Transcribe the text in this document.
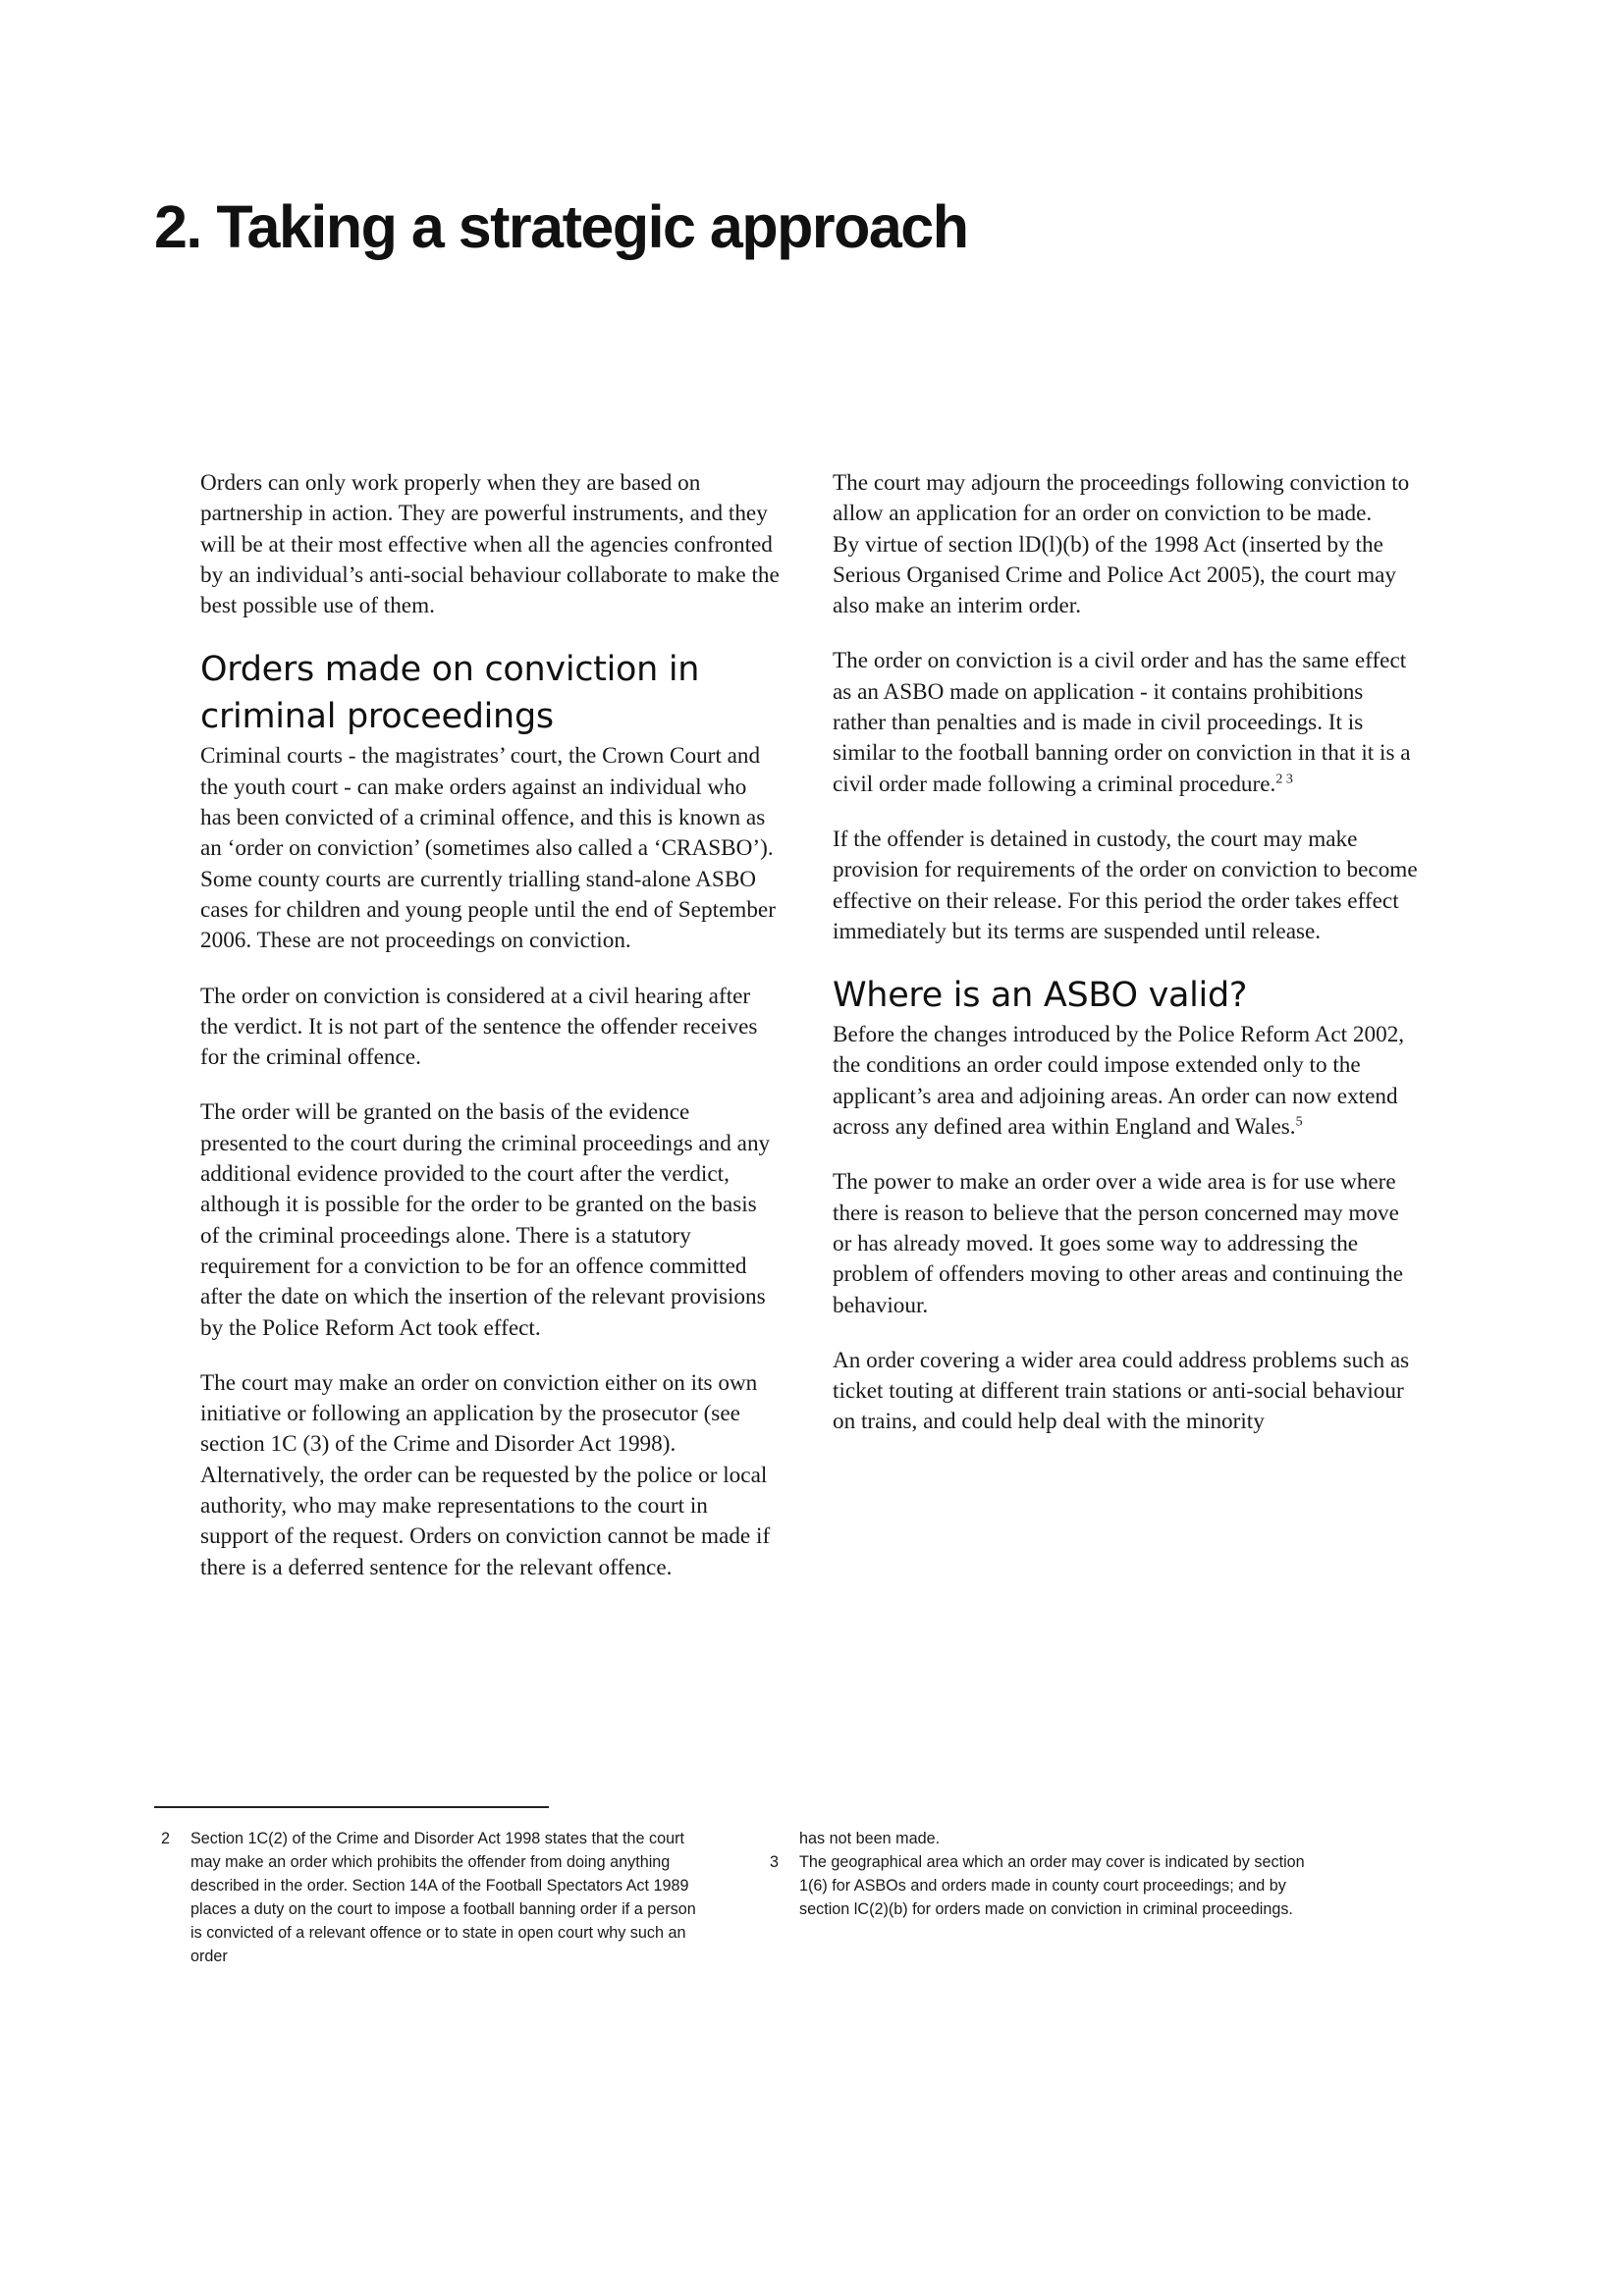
2. Taking a strategic approach

Orders can only work properly when they are based on partnership in action. They are powerful instruments, and they will be at their most effective when all the agencies confronted by an individual’s anti-social behaviour collaborate to make the best possible use of them.

Orders made on conviction in
criminal proceedings

Criminal courts - the magistrates’ court, the Crown Court and the youth court - can make orders against an individual who has been convicted of a criminal offence, and this is known as an ‘order on conviction’ (sometimes also called a ‘CRASBO’). Some county courts are currently trialling stand-alone ASBO cases for children and young people until the end of September 2006. These are not proceedings on conviction.

The order on conviction is considered at a civil hearing after the verdict. It is not part of the sentence the offender receives for the criminal offence.

The order will be granted on the basis of the evidence presented to the court during the criminal proceedings and any additional evidence provided to the court after the verdict, although it is possible for the order to be granted on the basis of the criminal proceedings alone. There is a statutory requirement for a conviction to be for an offence committed after the date on which the insertion of the relevant provisions by the Police Reform Act took effect.

The court may make an order on conviction either on its own initiative or following an application by the prosecutor (see section 1C (3) of the Crime and Disorder Act 1998). Alternatively, the order can be requested by the police or local authority, who may make representations to the court in support of the request. Orders on conviction cannot be made if there is a deferred sentence for the relevant offence.

The court may adjourn the proceedings following conviction to allow an application for an order on conviction to be made.
By virtue of section lD(l)(b) of the 1998 Act (inserted by the Serious Organised Crime and Police Act 2005), the court may also make an interim order.

The order on conviction is a civil order and has the same effect as an ASBO made on application - it contains prohibitions rather than penalties and is made in civil proceedings. It is similar to the football banning order on conviction in that it is a civil order made following a criminal procedure.$^{2 3}$

If the offender is detained in custody, the court may make provision for requirements of the order on conviction to become effective on their release. For this period the order takes effect immediately but its terms are suspended until release.

Where is an ASBO valid?

Before the changes introduced by the Police Reform Act 2002, the conditions an order could impose extended only to the applicant’s area and adjoining areas. An order can now extend across any defined area within England and Wales.$^5$

The power to make an order over a wide area is for use where there is reason to believe that the person concerned may move or has already moved. It goes some way to addressing the problem of offenders moving to other areas and continuing the behaviour.

An order covering a wider area could address problems such as ticket touting at different train stations or anti-social behaviour on trains, and could help deal with the minority

2 Section 1C(2) of the Crime and Disorder Act 1998 states that the court may make an order which prohibits the offender from doing anything described in the order. Section 14A of the Football Spectators Act 1989 places a duty on the court to impose a football banning order if a person is convicted of a relevant offence or to state in open court why such an order

has not been made.

3 The geographical area which an order may cover is indicated by section 1(6) for ASBOs and orders made in county court proceedings; and by section lC(2)(b) for orders made on conviction in criminal proceedings.
